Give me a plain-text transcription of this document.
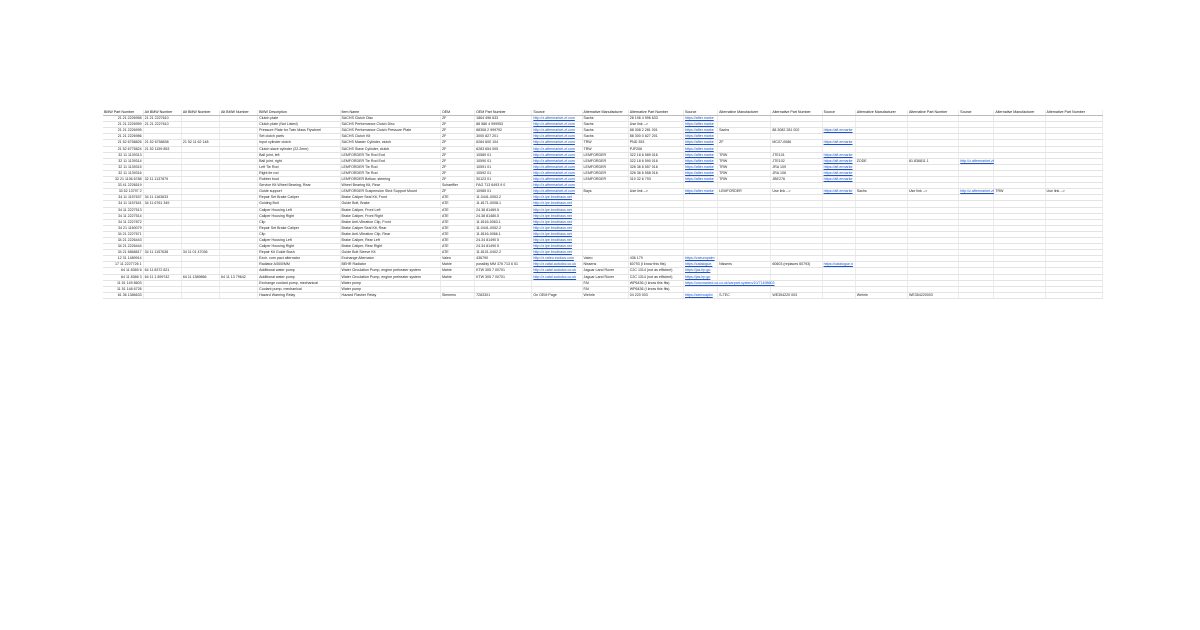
BMW Part Number	Alt BMW Number	Alt BMW Number	Alt BMW Number	BMW Description	Item Name	OEM	OEM Part Number	Source	Alternative Manufacturer	Alternative Part Number	Source	Alternative Manufacturer	Alternative Part Number	Source	Alternative Manufacturer	Alternative Part Number	Source	Alternative Manufacturer	Alternative Part Number
21 21 2226958	21 21 2227610			Clutch plate	SACHS Clutch Disc	ZF	1864 496 633	http://z.aftermarket.zf.com	Sachs	28 196 4 996 633	https://after.marke								
21 21 2226959	21 21 2227610			Clutch plate (Not Listed)	SACHS Performance Clutch Disc	ZF	88 586 4 999953	http://z.aftermarket.zf.com	Sachs	Use link -->	https://after.marke								
21 21 2226995				Pressure Plate for Twin Mass Flywheel	SACHS Performance Clutch Pressure Plate	ZF	88308 2 999792	http://z.aftermarket.zf.com	Sachs	88 308 2 281 001	https://after.marke	Sachs	88 3082 281 002	https://aft.ermarke					
21 21 2226986				Set clutch parts	SACHS Clutch Kit	ZF	3000 827 201	http://z.aftermarket.zf.com	Sachs	88 300 0 827 201	https://after.marke								
21 52 6758826	21 52 6758838	21 52 11 62 148		Input cylinder clutch	SACHS Master Cylinder, clutch	ZF	6284 600 104	http://z.aftermarket.zf.com	TRW	PND 353	https://after.marke	ZF	MC07-0086	https://aft.ermarke					
21 52 6775824	21 52 1159 853			Clutch slave cylinder (22.2mm)	SACHS Slave Cylinder, clutch	ZF	6283 654 005	http://z.aftermarket.zf.com	TRW	PJF206	https://after.marke								
32 11 1139313				Ball joint, left	LEMFORDER Tie Rod End	ZF	10589 01	http://z.aftermarket.zf.com	LEMFORDER	322 18 6 589 016	https://after.marke	TRW	JTE101	https://aft.ermarke					
32 11 1139314				Ball joint, right	LEMFORDER Tie Rod End	ZF	10590 01	http://z.aftermarket.zf.com	LEMFORDER	322 18 6 590 016	https://after.marke	TRW	JTE102	https://aft.ermarke	ZODE	81 836811 1	http://z.aftermarket.zf		
32 11 1139315				Left Tie Rod	LEMFORDER Tie Rod	ZF	10591 01	http://z.aftermarket.zf.com	LEMFORDER	326 36 6 557 016	https://after.marke	TRW	JRA 109	https://aft.ermarke					
32 11 1139316				Right tie rod	LEMFORDER Tie Rod	ZF	10592 01	http://z.aftermarket.zf.com	LEMFORDER	326 36 6 558 016	https://after.marke	TRW	JRA 106	https://aft.ermarke					
32 21 1136 6788	32 11 1137879			Rubber boot	LEMFORDER Bellow, steering	ZF	30123 01	http://z.aftermarket.zf.com	LEMFORDER	310 32 6 793	https://after.marke	TRW	JBE276	https://aft.ermarke					
33 41 2226519				Service Kit Wheel Bearing, Rear	Wheel Bearing Kit, Rear	Schaeffler	FAG 713 6493 9 0	http://z.aftermarket.zf.com											
33 52 13797 2				Guide support	LEMFORDER Suspension Strut Support Mount	ZF	10985 01	http://z.aftermarket.zf.com	Bays	Use link -->	https://after.marke	LEMFORDER	Use link -->	https://aft.ermarke	Sachs	Use link -->	http://z.aftermarket.zf	TRW	Use link -->
34 11 1157637	34 11 1163633			Repair Set Brake Caliper	Brake Caliper Seal Kit, Front	ATE	11.0441-0053.2	http://z.ipe.brodhaus.net											
34 11 1157641	34 11 6761 349			Guiding Bolt	Guide Bolt, Brake	ATE	11.8171-0008.1	http://z.ipe.brodhaus.net											
34 11 2227513				Caliper Housing Left	Brake Caliper, Front Left	ATE	24.38 81469.5	http://z.ipe.brodhaus.net											
34 11 2227514				Caliper Housing Right	Brake Caliper, Front Right	ATE	24.38 81480.5	http://z.ipe.brodhaus.net											
34 11 2227872				Clip	Brake Anti-Vibration Clip, Front	ATE	11.8116-0063.1	http://z.ipe.brodhaus.net											
34 21 1160079				Repair Set Brake Caliper	Brake Caliper Seal Kit, Rear	ATE	11.0441-0052.2	http://z.ipe.brodhaus.net											
34 21 2227671				Clip	Brake Anti-Vibration Clip, Rear	ATE	11.8116-0066.1	http://z.ipe.brodhaus.net											
34 21 2226443				Caliper Housing Left	Brake Caliper, Rear Left	ATE	24.34 81490 5	http://z.ipe.brodhaus.net											
34 21 2226444				Caliper Housing Right	Brake Caliper, Rear Right	ATE	24.34 81490 5	http://z.ipe.brodhaus.net											
34 21 6868817	34 11 1157638	34 11 01 47036		Repair Kit Guide Bush	Guide Bolt Sleeve Kit	ATE	11.8101-0402.2	http://z.ipe.brodhaus.net											
12 31 1489914				Exch. com pact alternator	Exchange Alternator	Valeo	436790	http://z.valeo.ecdocs.com	Valeo	436 179	https://vaeuropaim								
17 11 2227726 1				Radiator A/500/MM	BEHR Radiator	Mahle	possibly MM 376 713 6 51	http://z.catal.autodoc.co.uk	Nissens	60793 (I know this fits)	https://catalogue.	Nissens	60603 (replaces 60793)	https://catalogue.n					
64 11 8365 6	64 11 8372 821			Additional water pump	Water Circulation Pump, engine preheater system	Mahle	KTW 305 7 00701	http://z.catal.autodoc.co.uk	Jaguar Land Rover	C2C 1314 (not as efficient)	https://jaz.lrp.go								
64 11 8366 3	64 11 1 899742	64 11 1389866	64 11 13 79642	Additional water pump	Water Circulation Pump, engine preheater system	Mahle	KTW 305 7 00701	http://z.catal.autodoc.co.uk	Jaguar Land Rover	C2C 1314 (not as efficient)	https://jaz.lrp.go								
11 51 149 8603				Exchange coolant pump, mechanical	Water pump				FAI	WP6436 (I know this fits)	https://uncrowded.oc.co.uk/carpart-system/10/71498603								
11 51 148 6726				Coolant pump, mechanical	Water pump				FAI	WP6436 (I know this fits)									
61 36 1386633				Hazard Warning Relay	Hazard Flasher Relay	Siemens	7283301	On OEM Page	Wehrle	04 220 003	https://siemcaptiv	S-TEC	WE354220 003		Wehrle	WE354220003			
